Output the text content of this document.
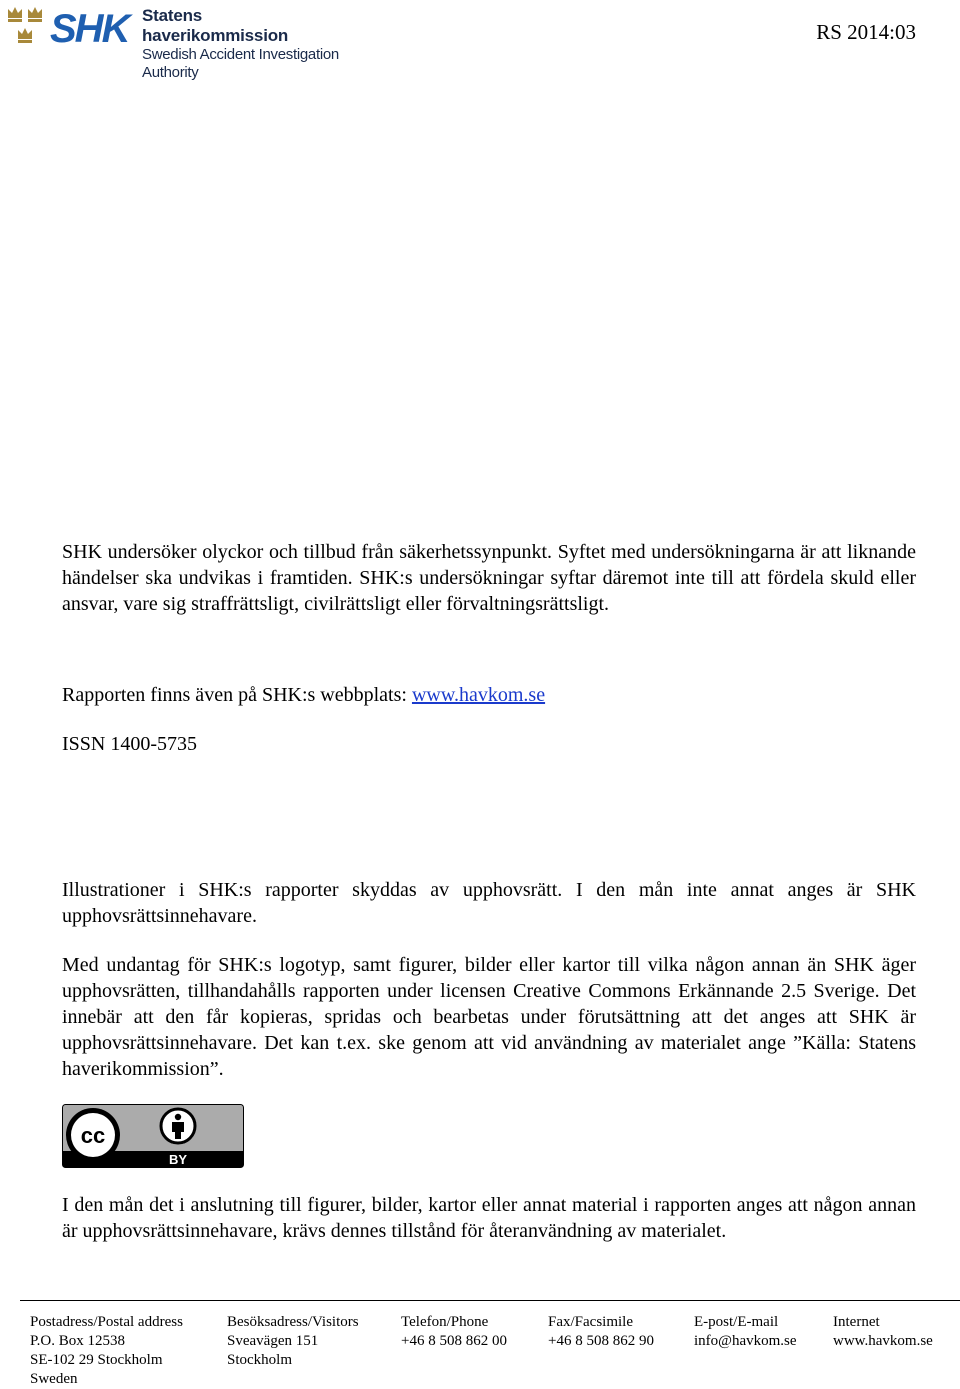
SHK Statens haverikommission
Swedish Accident Investigation Authority
RS 2014:03

SHK undersöker olyckor och tillbud från säkerhetssynpunkt. Syftet med undersökningarna är att liknande händelser ska undvikas i framtiden. SHK:s undersökningar syftar däremot inte till att fördela skuld eller ansvar, vare sig straffrättsligt, civilrättsligt eller förvaltningsrättsligt.

Rapporten finns även på SHK:s webbplats: www.havkom.se

ISSN 1400-5735

Illustrationer i SHK:s rapporter skyddas av upphovsrätt. I den mån inte annat anges är SHK upphovsrättsinnehavare.

Med undantag för SHK:s logotyp, samt figurer, bilder eller kartor till vilka någon annan än SHK äger upphovsrätten, tillhandahålls rapporten under licensen Creative Commons Erkännande 2.5 Sverige. Det innebär att den får kopieras, spridas och bearbetas under förutsättning att det anges att SHK är upphovsrättsinnehavare. Det kan t.ex. ske genom att vid användning av materialet ange ”Källa: Statens haverikommission”.

cc
BY

I den mån det i anslutning till figurer, bilder, kartor eller annat material i rapporten anges att någon annan är upphovsrättsinnehavare, krävs dennes tillstånd för återanvändning av materialet.

Postadress/Postal address
P.O. Box 12538
SE-102 29 Stockholm
Sweden
Besöksadress/Visitors
Sveavägen 151
Stockholm
Telefon/Phone
+46 8 508 862 00
Fax/Facsimile
+46 8 508 862 90
E-post/E-mail
info@havkom.se
Internet
www.havkom.se
